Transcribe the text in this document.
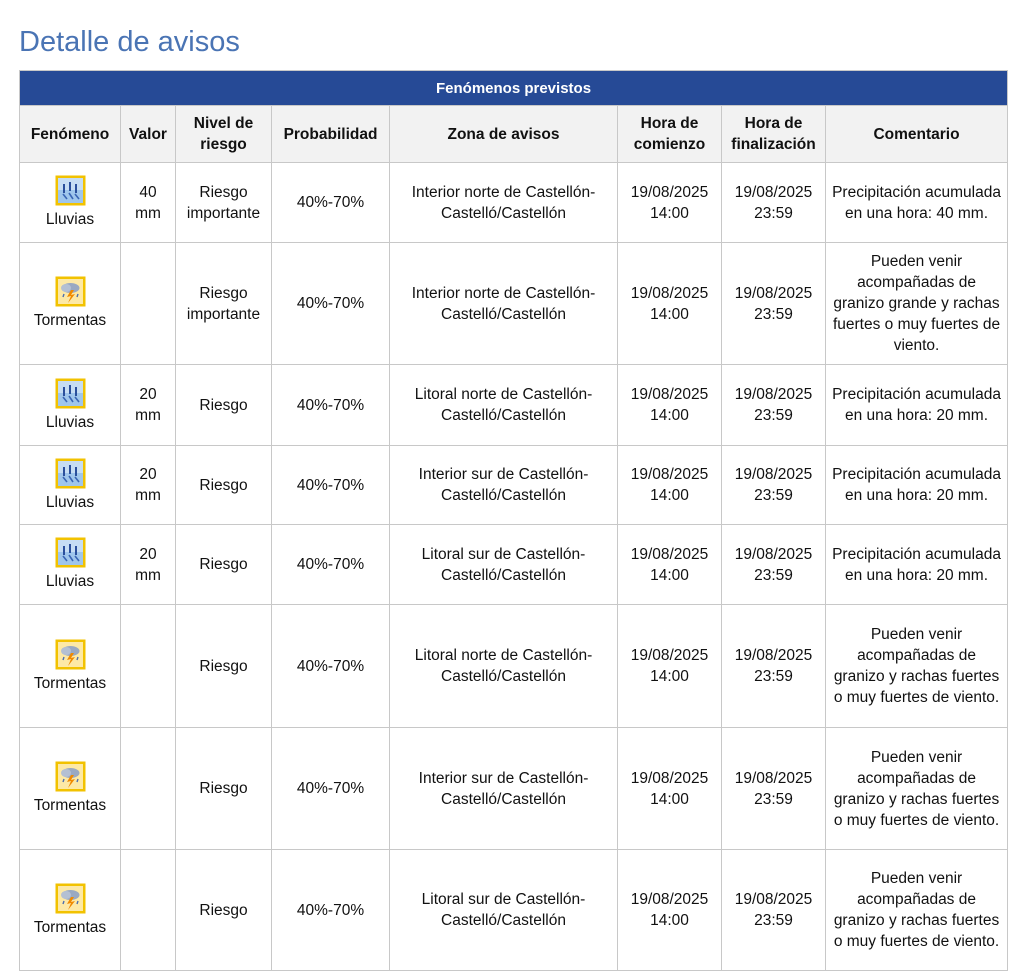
Detalle de avisos
Fenómenos previstos							
Fenómeno	Valor	Nivel de riesgo	Probabilidad	Zona de avisos	Hora de comienzo	Hora de finalización	Comentario

Lluvias	40 mm	Riesgo importante	40%-70%	Interior norte de Castellón-Castelló/Castellón	19/08/2025 14:00	19/08/2025 23:59	Precipitación acumulada en una hora: 40 mm.

Tormentas		Riesgo importante	40%-70%	Interior norte de Castellón-Castelló/Castellón	19/08/2025 14:00	19/08/2025 23:59	Pueden venir acompañadas de granizo grande y rachas fuertes o muy fuertes de viento.

Lluvias	20 mm	Riesgo	40%-70%	Litoral norte de Castellón-Castelló/Castellón	19/08/2025 14:00	19/08/2025 23:59	Precipitación acumulada en una hora: 20 mm.

Lluvias	20 mm	Riesgo	40%-70%	Interior sur de Castellón-Castelló/Castellón	19/08/2025 14:00	19/08/2025 23:59	Precipitación acumulada en una hora: 20 mm.

Lluvias	20 mm	Riesgo	40%-70%	Litoral sur de Castellón-Castelló/Castellón	19/08/2025 14:00	19/08/2025 23:59	Precipitación acumulada en una hora: 20 mm.

Tormentas		Riesgo	40%-70%	Litoral norte de Castellón-Castelló/Castellón	19/08/2025 14:00	19/08/2025 23:59	Pueden venir acompañadas de granizo y rachas fuertes o muy fuertes de viento.

Tormentas		Riesgo	40%-70%	Interior sur de Castellón-Castelló/Castellón	19/08/2025 14:00	19/08/2025 23:59	Pueden venir acompañadas de granizo y rachas fuertes o muy fuertes de viento.

Tormentas		Riesgo	40%-70%	Litoral sur de Castellón-Castelló/Castellón	19/08/2025 14:00	19/08/2025 23:59	Pueden venir acompañadas de granizo y rachas fuertes o muy fuertes de viento.
